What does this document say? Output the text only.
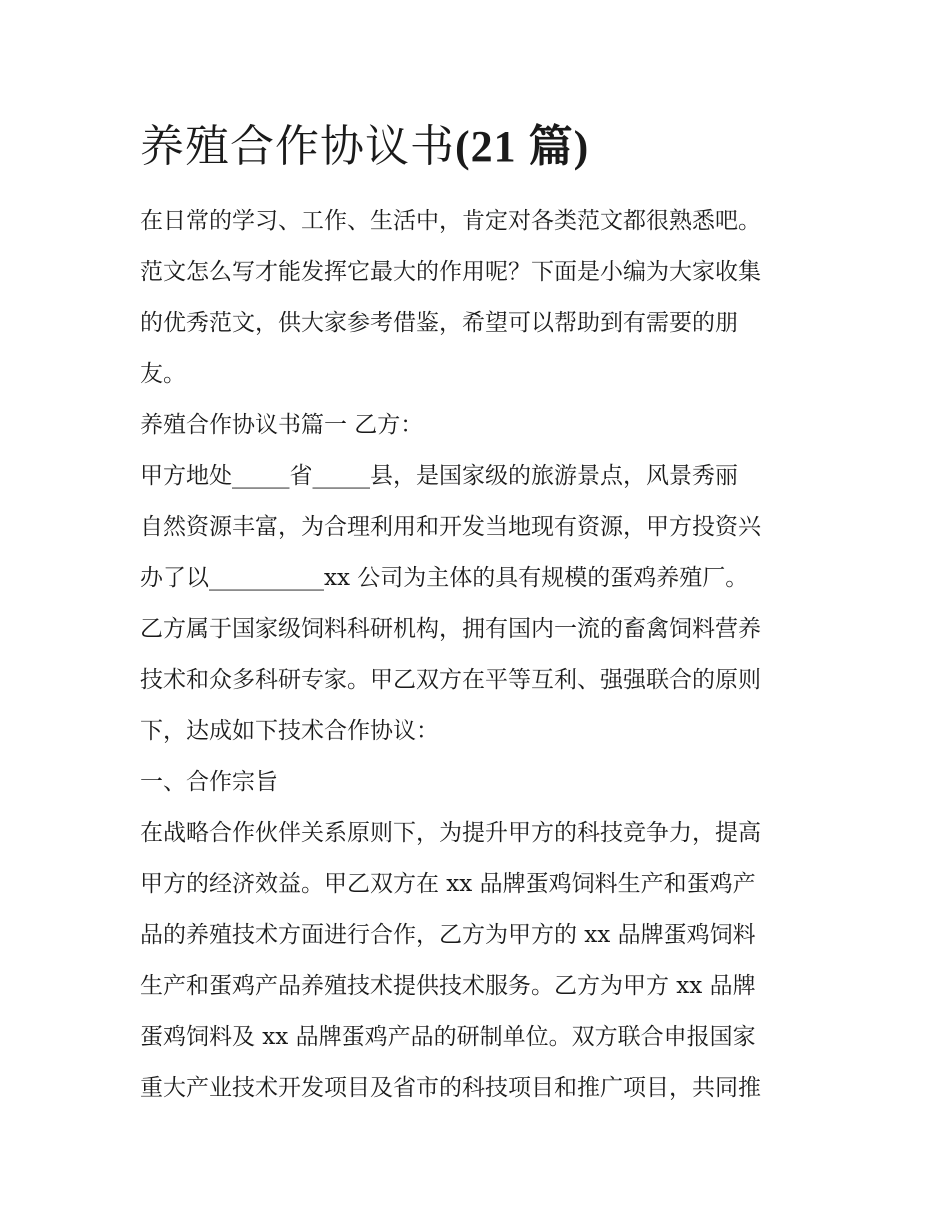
养殖合作协议书(21 篇)

在日常的学习、工作、生活中，肯定对各类范文都很熟悉吧。

范文怎么写才能发挥它最大的作用呢？下面是小编为大家收集

的优秀范文，供大家参考借鉴，希望可以帮助到有需要的朋

友。

养殖合作协议书篇一 乙方：

甲方地处_____省_____县，是国家级的旅游景点，风景秀丽

自然资源丰富，为合理利用和开发当地现有资源，甲方投资兴

办了以__________xx 公司为主体的具有规模的蛋鸡养殖厂。

乙方属于国家级饲料科研机构，拥有国内一流的畜禽饲料营养

技术和众多科研专家。甲乙双方在平等互利、强强联合的原则

下，达成如下技术合作协议：

一、合作宗旨

在战略合作伙伴关系原则下，为提升甲方的科技竞争力，提高

甲方的经济效益。甲乙双方在 xx 品牌蛋鸡饲料生产和蛋鸡产

品的养殖技术方面进行合作，乙方为甲方的 xx 品牌蛋鸡饲料

生产和蛋鸡产品养殖技术提供技术服务。乙方为甲方 xx 品牌

蛋鸡饲料及 xx 品牌蛋鸡产品的研制单位。双方联合申报国家

重大产业技术开发项目及省市的科技项目和推广项目，共同推
